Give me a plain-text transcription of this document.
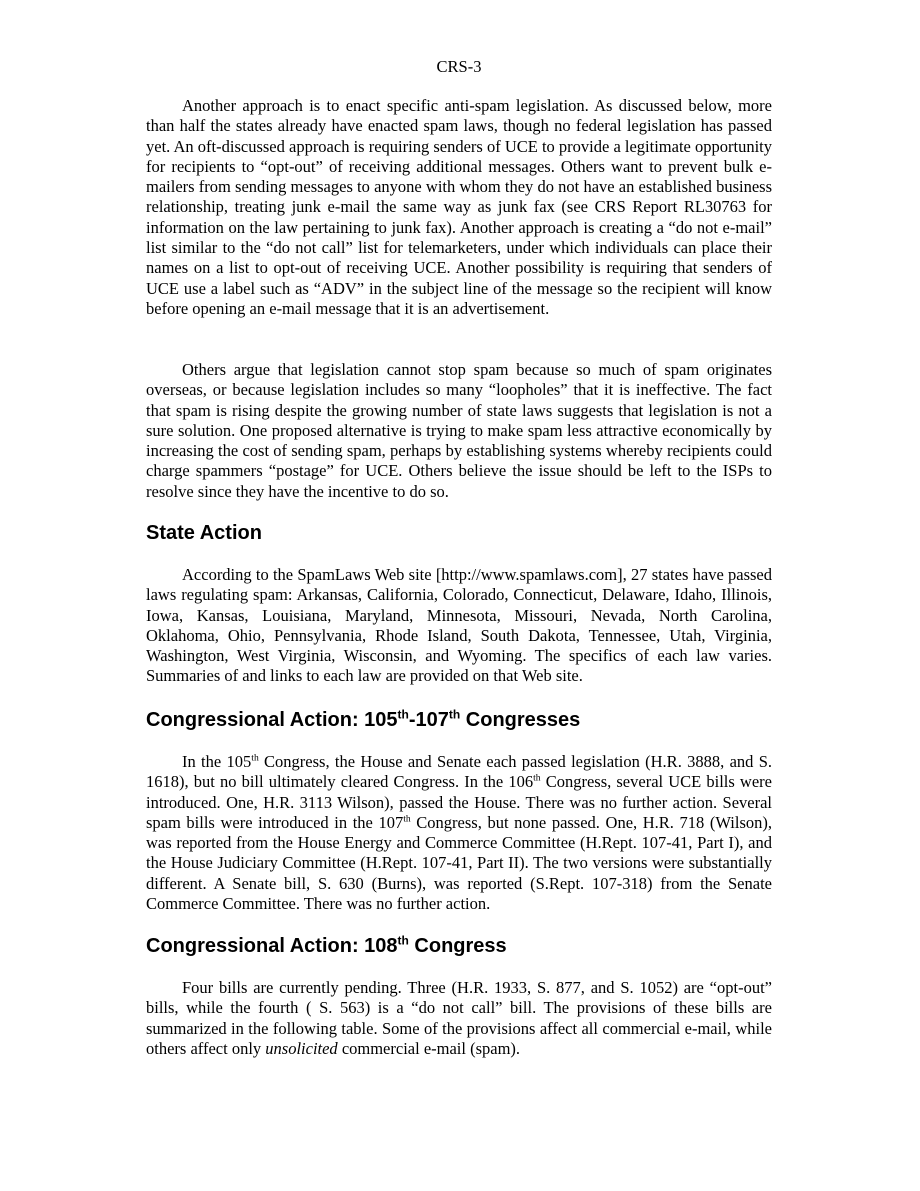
CRS-3

Another approach is to enact specific anti-spam legislation. As discussed below, more than half the states already have enacted spam laws, though no federal legislation has passed yet. An oft-discussed approach is requiring senders of UCE to provide a legitimate opportunity for recipients to “opt-out” of receiving additional messages. Others want to prevent bulk e-mailers from sending messages to anyone with whom they do not have an established business relationship, treating junk e-mail the same way as junk fax (see CRS Report RL30763 for information on the law pertaining to junk fax). Another approach is creating a “do not e-mail” list similar to the “do not call” list for telemarketers, under which individuals can place their names on a list to opt-out of receiving UCE. Another possibility is requiring that senders of UCE use a label such as “ADV” in the subject line of the message so the recipient will know before opening an e-mail message that it is an advertisement.

Others argue that legislation cannot stop spam because so much of spam originates overseas, or because legislation includes so many “loopholes” that it is ineffective. The fact that spam is rising despite the growing number of state laws suggests that legislation is not a sure solution. One proposed alternative is trying to make spam less attractive economically by increasing the cost of sending spam, perhaps by establishing systems whereby recipients could charge spammers “postage” for UCE. Others believe the issue should be left to the ISPs to resolve since they have the incentive to do so.

State Action

According to the SpamLaws Web site [http://www.spamlaws.com], 27 states have passed laws regulating spam: Arkansas, California, Colorado, Connecticut, Delaware, Idaho, Illinois, Iowa, Kansas, Louisiana, Maryland, Minnesota, Missouri, Nevada, North Carolina, Oklahoma, Ohio, Pennsylvania, Rhode Island, South Dakota, Tennessee, Utah, Virginia, Washington, West Virginia, Wisconsin, and Wyoming. The specifics of each law varies. Summaries of and links to each law are provided on that Web site.

Congressional Action: 105th-107th Congresses

In the 105th Congress, the House and Senate each passed legislation (H.R. 3888, and S. 1618), but no bill ultimately cleared Congress. In the 106th Congress, several UCE bills were introduced. One, H.R. 3113 Wilson), passed the House. There was no further action. Several spam bills were introduced in the 107th Congress, but none passed. One, H.R. 718 (Wilson), was reported from the House Energy and Commerce Committee (H.Rept. 107-41, Part I), and the House Judiciary Committee (H.Rept. 107-41, Part II). The two versions were substantially different. A Senate bill, S. 630 (Burns), was reported (S.Rept. 107-318) from the Senate Commerce Committee. There was no further action.

Congressional Action: 108th Congress

Four bills are currently pending. Three (H.R. 1933, S. 877, and S. 1052) are “opt-out” bills, while the fourth ( S. 563) is a “do not call” bill. The provisions of these bills are summarized in the following table. Some of the provisions affect all commercial e-mail, while others affect only unsolicited commercial e-mail (spam).
